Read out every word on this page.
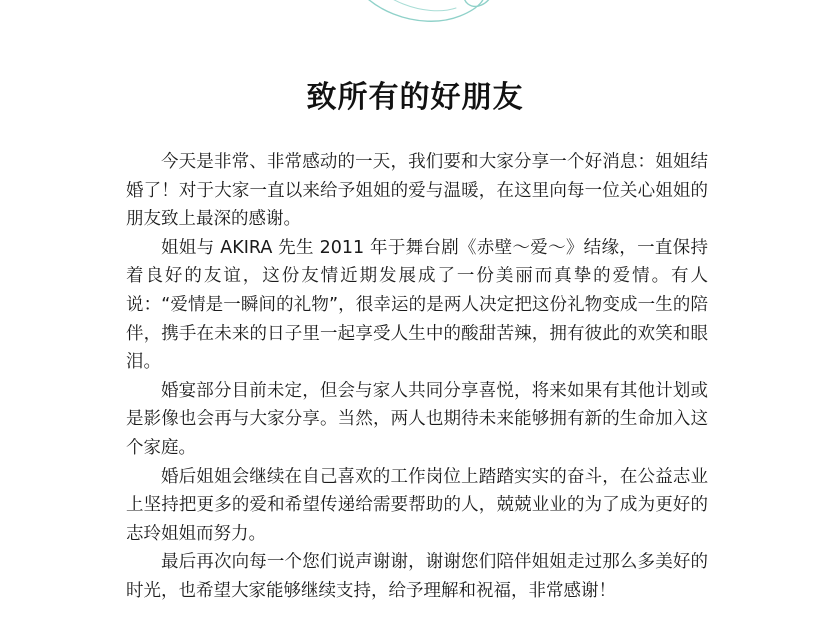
致所有的好朋友

今天是非常、非常感动的一天，我们要和大家分享一个好消息：姐姐结婚了！对于大家一直以来给予姐姐的爱与温暖，在这里向每一位关心姐姐的朋友致上最深的感谢。

姐姐与 AKIRA 先生 2011 年于舞台剧《赤壁～爱～》结缘，一直保持着良好的友谊，这份友情近期发展成了一份美丽而真挚的爱情。有人说：“爱情是一瞬间的礼物”，很幸运的是两人决定把这份礼物变成一生的陪伴，携手在未来的日子里一起享受人生中的酸甜苦辣，拥有彼此的欢笑和眼泪。

婚宴部分目前未定，但会与家人共同分享喜悦，将来如果有其他计划或是影像也会再与大家分享。当然，两人也期待未来能够拥有新的生命加入这个家庭。

婚后姐姐会继续在自己喜欢的工作岗位上踏踏实实的奋斗，在公益志业上坚持把更多的爱和希望传递给需要帮助的人，兢兢业业的为了成为更好的志玲姐姐而努力。

最后再次向每一个您们说声谢谢，谢谢您们陪伴姐姐走过那么多美好的时光，也希望大家能够继续支持，给予理解和祝福，非常感谢！
